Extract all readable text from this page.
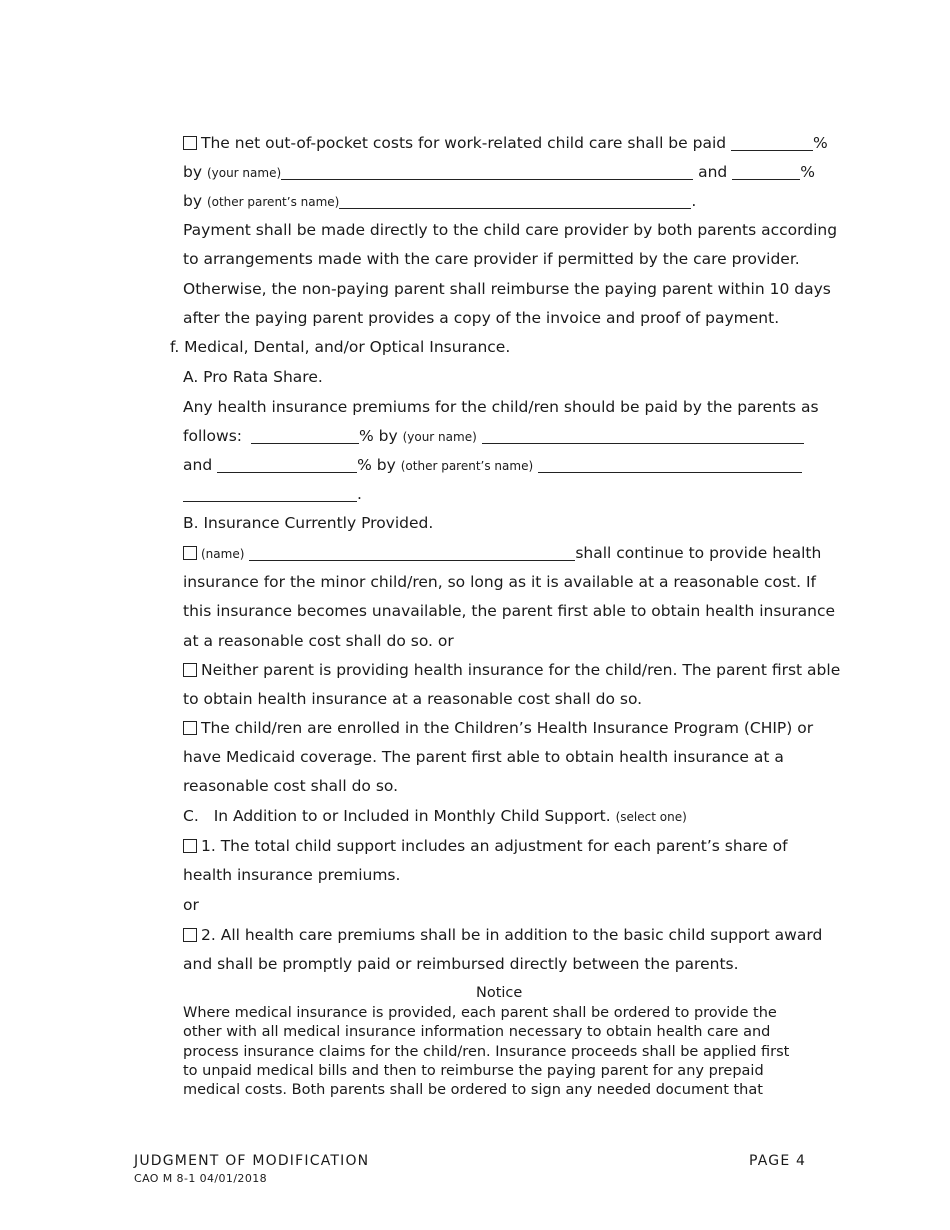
The net out-of-pocket costs for work-related child care shall be paid	%
by (your name)	and	%
by (other parent’s name)	.
Payment shall be made directly to the child care provider by both parents according
to arrangements made with the care provider if permitted by the care provider.
Otherwise, the non-paying parent shall reimburse the paying parent within 10 days
after the paying parent provides a copy of the invoice and proof of payment.
f. Medical, Dental, and/or Optical Insurance.
A. Pro Rata Share.
Any health insurance premiums for the child/ren should be paid by the parents as
follows:	% by (your name)
and	% by (other parent’s name)
.
B. Insurance Currently Provided.
(name)	shall continue to provide health
insurance for the minor child/ren, so long as it is available at a reasonable cost. If
this insurance becomes unavailable, the parent first able to obtain health insurance
at a reasonable cost shall do so. or
Neither parent is providing health insurance for the child/ren. The parent first able
to obtain health insurance at a reasonable cost shall do so.
The child/ren are enrolled in the Children’s Health Insurance Program (CHIP) or
have Medicaid coverage. The parent first able to obtain health insurance at a
reasonable cost shall do so.
C. In Addition to or Included in Monthly Child Support. (select one)
1. The total child support includes an adjustment for each parent’s share of
health insurance premiums.
or
2. All health care premiums shall be in addition to the basic child support award
and shall be promptly paid or reimbursed directly between the parents.
Notice

Where medical insurance is provided, each parent shall be ordered to provide the

other with all medical insurance information necessary to obtain health care and

process insurance claims for the child/ren. Insurance proceeds shall be applied first

to unpaid medical bills and then to reimburse the paying parent for any prepaid

medical costs. Both parents shall be ordered to sign any needed document that

JUDGMENT OF MODIFICATION
CAO M 8-1 04/01/2018
PAGE 4
